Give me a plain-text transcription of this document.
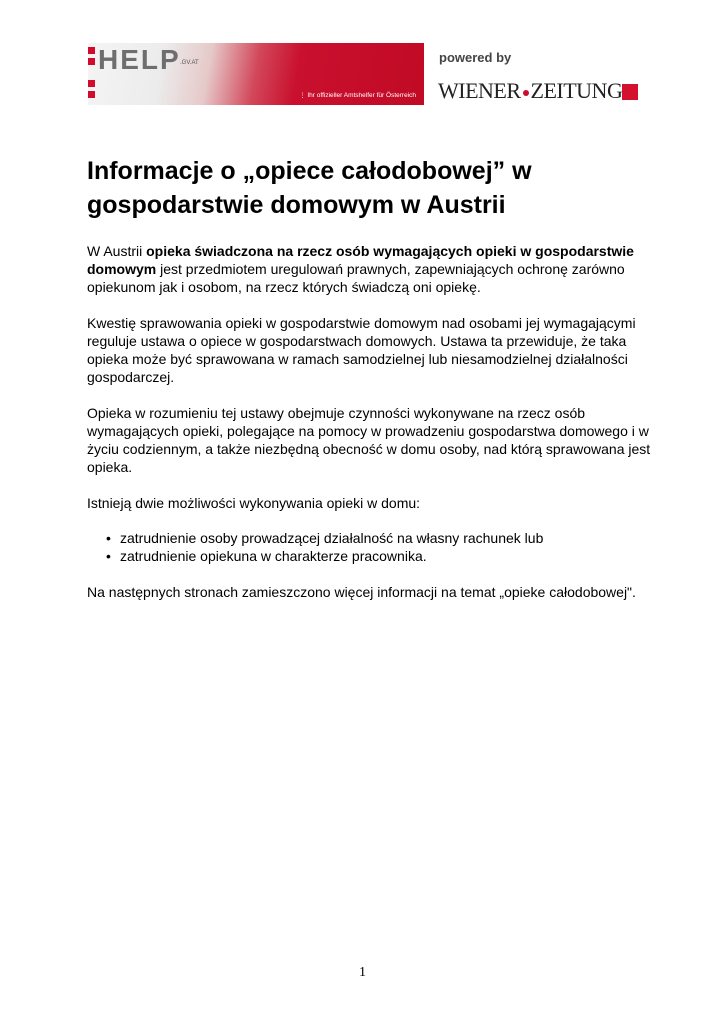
HELP .GV.AT
⋮ Ihr offizieller Amtshelfer für Österreich
powered by
WIENER ZEITUNG
Informacje o „opiece całodobowej” w gospodarstwie domowym w Austrii

W Austrii opieka świadczona na rzecz osób wymagających opieki w gospodarstwie domowym jest przedmiotem uregulowań prawnych, zapewniających ochronę zarówno opiekunom jak i osobom, na rzecz których świadczą oni opiekę.

Kwestię sprawowania opieki w gospodarstwie domowym nad osobami jej wymagającymi reguluje ustawa o opiece w gospodarstwach domowych. Ustawa ta przewiduje, że taka opieka może być sprawowana w ramach samodzielnej lub niesamodzielnej działalności gospodarczej.

Opieka w rozumieniu tej ustawy obejmuje czynności wykonywane na rzecz osób wymagających opieki, polegające na pomocy w prowadzeniu gospodarstwa domowego i w życiu codziennym, a także niezbędną obecność w domu osoby, nad którą sprawowana jest opieka.

Istnieją dwie możliwości wykonywania opieki w domu:

• zatrudnienie osoby prowadzącej działalność na własny rachunek lub
• zatrudnienie opiekuna w charakterze pracownika.

Na następnych stronach zamieszczono więcej informacji na temat „opieke całodobowej".

1
